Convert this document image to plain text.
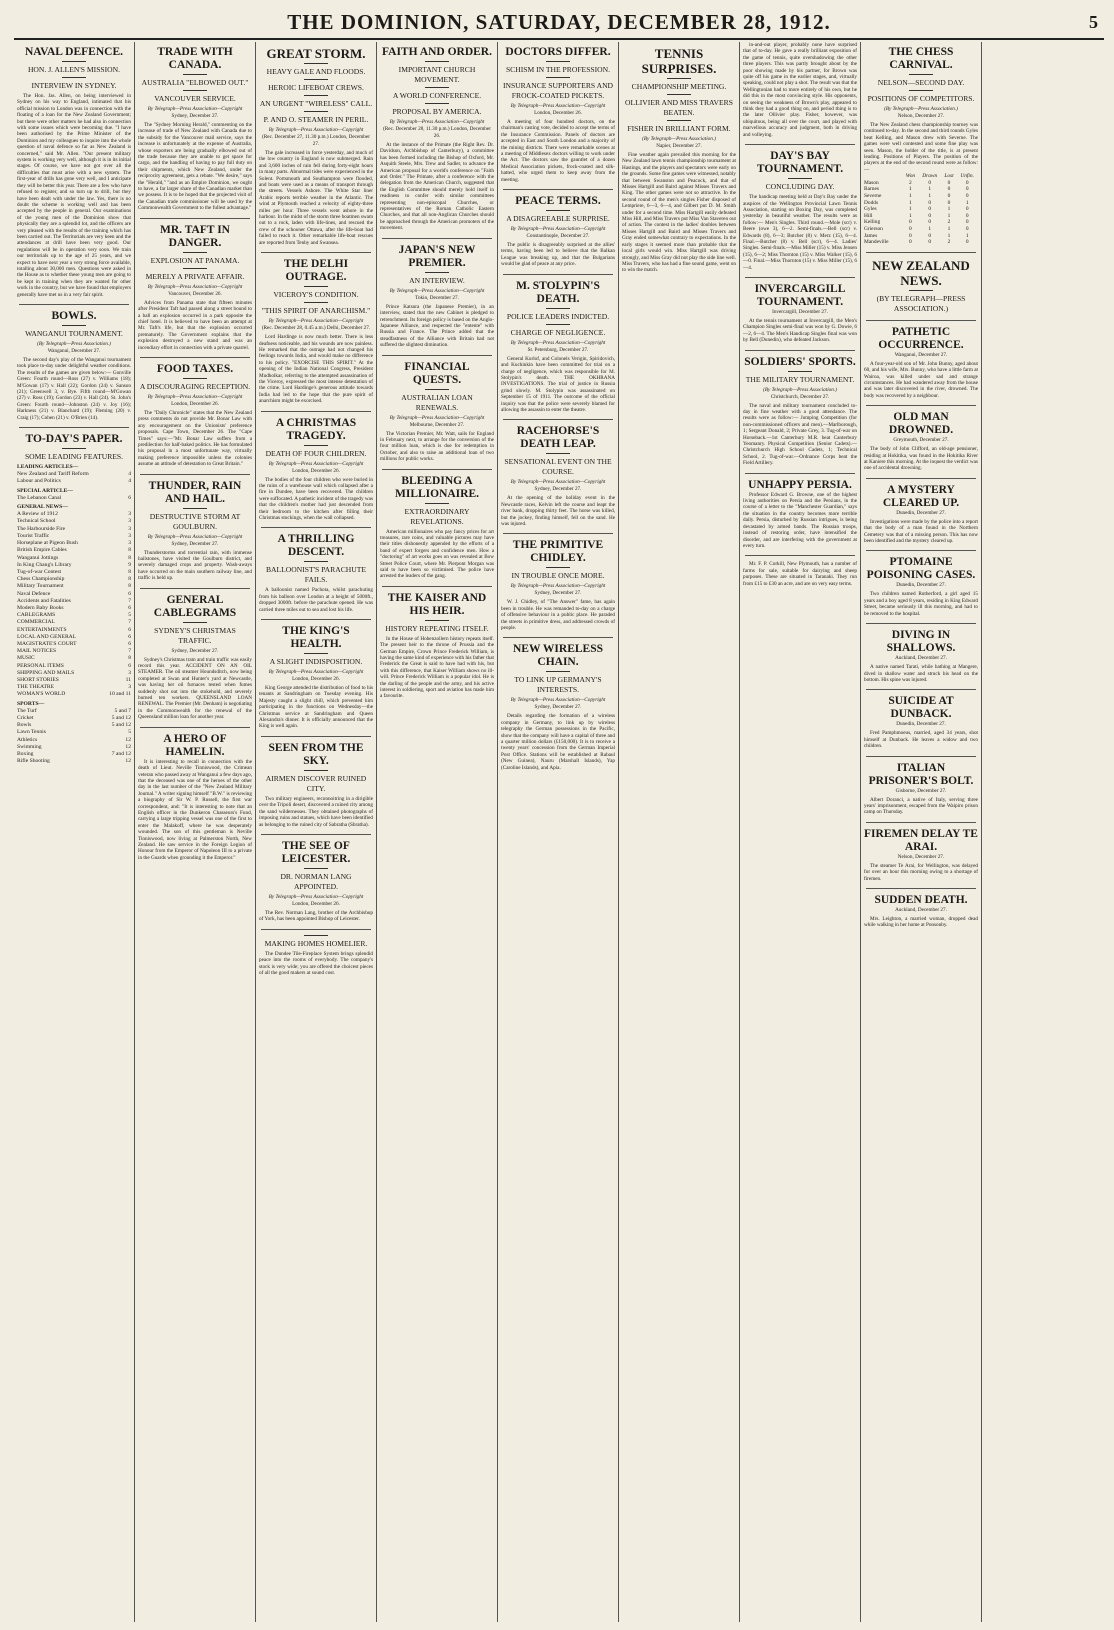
THE DOMINION, SATURDAY, DECEMBER 28, 1912.	5
NAVAL DEFENCE.
HON. J. ALLEN'S MISSION.
INTERVIEW IN SYDNEY.
The Hon. Jas. Allen, on being interviewed in Sydney on his way to England, intimated that his official mission to London was in connection with the floating of a loan for the New Zealand Government; but there were other matters he had also in connection with some issues which were becoming due. "I have been authorised by the Prime Minister of the Dominion and my colleagues to inquire into the whole question of naval defence so far as New Zealand is concerned," said Mr. Allen. "Our present military system is working very well, although it is in its initial stages. Of course, we have not got over all the difficulties that must arise with a new system. The first-year of drills has gone very well, and I anticipate they will be better this year. There are a few who have refused to register, and so turn up to drill, but they have been dealt with under the law. Yes, there is no doubt the scheme is working well and has been accepted by the people in general. Our examinations of the young men of the Dominion show that physically they are a splendid lot, and the officers are very pleased with the results of the training which has been carried out. The Territorials are very keen and the attendances at drill have been very good. Our regulations will be in operation very soon. We train our territorials up to the age of 25 years, and we expect to have next year a very strong force available, totalling about 30,000 men. Questions were asked in the House as to whether these young men are going to be kept in training when they are wanted for other work in the country, but we have found that employers generally have met us in a very fair spirit.
BOWLS.
WANGANUI TOURNAMENT.
(By Telegraph—Press Association.)
Wanganui, December 27.
The second day's play of the Wanganui tournament took place to-day under delightful weather conditions. The results of the games are given below:— Gonville Green: Fourth round—Ross (27) v. Williams (18); M'Gowan (17) v. Hall (22); Gordon (24) v. Sanson (21); Greenwell 3, v. Bye. Fifth round—M'Gowan (27) v. Ross (19); Gordon (23) v. Hall (24). St. John's Green: Fourth round—Johnston (24) v. Joy (16); Harkness (21) v. Blanchard (19); Fleming (20) v. Craig (17); Cohen (21) v. O'Brien (14).
TO-DAY'S PAPER.
SOME LEADING FEATURES.
LEADING ARTICLES—
New Zealand and Tariff Reform	4
Labour and Politics	4
SPECIAL ARTICLE—
The Lebanon Canal	6
GENERAL NEWS—
A Review of 1912	3
Technical School	3
The Harbourside Fire	3
Tourist Traffic	3
Horseplane at Pigeon Bush	3
British Empire Cables	8
Wanganui Jottings	8
In King Chang's Library	9
Tug-of-war Contest	8
Chess Championship	8
Military Tournament	8
Naval Defence	6
Accidents and Fatalities	7
Modern Baby Books	6
CABLEGRAMS	5
COMMERCIAL	7
ENTERTAINMENTS	6
LOCAL AND GENERAL	6
MAGISTRATE'S COURT	6
MAIL NOTICES	7
MUSIC	8
PERSONAL ITEMS	6
SHIPPING AND MAILS	3
SHORT STORIES	11
THE THEATRE	3
WOMAN'S WORLD	10 and 11
SPORTS—
The Turf	5 and 7
Cricket	5 and 12
Bowls	5 and 12
Lawn Tennis	5
Athletics	12
Swimming	12
Boxing	7 and 12
Rifle Shooting	12
TRADE WITH CANADA.
AUSTRALIA "ELBOWED OUT."
VANCOUVER SERVICE.
By Telegraph—Press Association—Copyright
Sydney, December 27.
The "Sydney Morning Herald," commenting on the increase of trade of New Zealand with Canada due to the subsidy for the Vancouver mail service, says the increase is unfortunately at the expense of Australia, whose exporters are being gradually elbowed out of the trade because they are unable to get space for cargo, and the handling of having to pay full duty on their shipments, which New Zealand, under the reciprocity agreement, gets a rebate. "We desire," says the "Herald," "and as an Empire Dominion, we ought to have, a far larger share of the Canadian market than we possess. It is to be hoped that the projected visit of the Canadian trade commissioner will be used by the Commonwealth Government to the fullest advantage."
MR. TAFT IN DANGER.
EXPLOSION AT PANAMA.
MERELY A PRIVATE AFFAIR.
By Telegraph—Press Association—Copyright
Vancouver, December 26.
Advices from Panama state that fifteen minutes after President Taft had passed along a street bound to a ball an explosion occurred in a park opposite the chief hotel. It is believed to have been an attempt at Mr. Taft's life, but that the explosion occurred prematurely. The Government explains that the explosion destroyed a new stand and was an incendiary effort in connection with a private quarrel.
FOOD TAXES.
A DISCOURAGING RECEPTION.
By Telegraph—Press Association—Copyright
London, December 26.
The "Daily Chronicle" states that the New Zealand press comments do not provide Mr. Bonar Law with any encouragement on the Unionists' preference proposals. Cape Town, December 26. The "Cape Times" says:—"Mr. Bonar Law suffers from a predilection for half-baked politics. He has formulated his proposal in a most unfortunate way, virtually making preference impossible unless the colonies assume an attitude of detestation to Great Britain."
THUNDER, RAIN AND HAIL.
DESTRUCTIVE STORM AT GOULBURN.
By Telegraph—Press Association—Copyright
Sydney, December 27.
Thunderstorms and torrential rain, with immense hailstones, have visited the Goulburn district, and severely damaged crops and property. Wash-aways have occurred on the main southern railway line, and traffic is held up.
GENERAL CABLEGRAMS
SYDNEY'S CHRISTMAS TRAFFIC.
Sydney, December 27.
Sydney's Christmas tram and train traffic was easily record this year. ACCIDENT ON AN OIL STEAMER. The oil steamer Houndsditch, now being completed at Swan and Hunter's yard at Newcastle, was having her oil furnaces tested when fumes suddenly shot out into the stokehold, and severely burned ten workers. QUEENSLAND LOAN RENEWAL. The Premier (Mr. Denham) is negotiating in the Commonwealth for the renewal of the Queensland million loan for another year.
A HERO OF HAMELIN.
It is interesting to recall in connection with the death of Lieut. Neville Tinniswood, the Crimean veteran who passed away at Wanganui a few days ago, that the deceased was one of the heroes of the other day in the last number of the "New Zealand Military Journal." A writer signing himself "B.W." is reviewing a biography of Sir W. P. Russell, the first war correspondent, and: "It is interesting to note that an English officer in the Dunkeron Chasseurs's Fund, carrying a large tripping vessel was one of the first to enter the Malakoff, where he was desperately wounded. The son of this gentleman is Neville Tinniswood, now living at Palmerston North, New Zealand. He saw service in the Foreign Legion of Honour from the Emperor of Napoleon III to a private in the Guards when grounding it the Emperor."
GREAT STORM.
HEAVY GALE AND FLOODS.
HEROIC LIFEBOAT CREWS.
AN URGENT "WIRELESS" CALL.
P. AND O. STEAMER IN PERIL.
By Telegraph—Press Association—Copyright
(Rec. December 27, 11.30 p.m.) London, December 27.
The gale increased in force yesterday, and much of the low country in England is now submerged. Rain and 3,600 inches of rain fell during forty-eight hours in many parts. Abnormal tides were experienced in the Solent. Portsmouth and Southampton were flooded, and boats were used as a means of transport through the streets. Vessels Ashore. The White Star liner Arabic reports terrible weather in the Atlantic. The wind at Plymouth reached a velocity of eighty-three miles per hour. Three vessels went ashore in the harbour. In the midst of the storm three boatmen swam out to a rock, laden with life-lines, and rescued the crew of the schooner Ottawa, after the life-boat had failed to reach it. Other remarkable life-boat rescues are reported from Tenby and Swansea.
THE DELHI OUTRAGE.
VICEROY'S CONDITION.
"THIS SPIRIT OF ANARCHISM."
By Telegraph—Press Association—Copyright
(Rec. December 28, 0.45 a.m.) Delhi, December 27.
Lord Hardinge is now much better. There is less deafness noticeable, and his wounds are now painless. He remarked that the outrage had not changed his feelings towards India, and would make no difference to his policy. "EXORCISE THIS SPIRIT." At the opening of the Indian National Congress, President Mudholkar, referring to the attempted assassination of the Viceroy, expressed the most intense detestation of the crime. Lord Hardinge's generous attitude towards India had led to the hope that the pure spirit of anarchism might be exorcised.
A CHRISTMAS TRAGEDY.
DEATH OF FOUR CHILDREN.
By Telegraph—Press Association—Copyright
London, December 26.
The bodies of the four children who were buried in the ruins of a warehouse wall which collapsed after a fire in Dundee, have been recovered. The children were suffocated. A pathetic incident of the tragedy was that the children's mother had just descended from their bedroom to the kitchen after filling their Christmas stockings, when the wall collapsed.
A THRILLING DESCENT.
BALLOONIST'S PARACHUTE FAILS.
A balloonist named Pachota, whilst parachuting from his balloon over London at a height of 5000ft., dropped 3000ft. before the parachute opened. He was carried three miles out to sea and lost his life.
THE KING'S HEALTH.
A SLIGHT INDISPOSITION.
By Telegraph—Press Association—Copyright
London, December 26.
King George attended the distribution of food to his tenants at Sandringham on Tuesday evening. His Majesty caught a slight chill, which prevented him participating in the functions on Wednesday—the Christmas service at Sandringham and Queen Alexandra's dinner. It is officially announced that the King is well again.
SEEN FROM THE SKY.
AIRMEN DISCOVER RUINED CITY.
Two military engineers, reconnoitring in a dirigible over the Tripoli desert, discovered a ruined city among the sand wildernesses. They obtained photographs of imposing ruins and statues, which have been identified as belonging to the ruined city of Sabratha (Sbratha).
THE SEE OF LEICESTER.
DR. NORMAN LANG APPOINTED.
By Telegraph—Press Association—Copyright
London, December 26.
The Rev. Norman Lang, brother of the Archbishop of York, has been appointed Bishop of Leicester.
MAKING HOMES HOMELIER.
The Dundee Tile-Fireplace System brings splendid peace into the rooms of everybody. The company's stock is very wide; you are offered the choicest pieces of all the good makers at sound cost.
FAITH AND ORDER.
IMPORTANT CHURCH MOVEMENT.
A WORLD CONFERENCE.
PROPOSAL BY AMERICA.
By Telegraph—Press Association—Copyright
(Rec. December 28, 11.30 p.m.) London, December 26.
At the instance of the Primate (the Right Rev. Dr. Davidson, Archbishop of Canterbury), a committee has been formed including the Bishop of Oxford, Mr. Asquith Steele, Mrs. Trew and Sadler, to advance the American proposal for a world's conference on "Faith and Order." The Primate, after a conference with the delegation from the American Church, suggested that the English Committee should merely hold itself in readiness to confer with similar committees representing non-episcopal Churches, or representatives of the Roman Catholic Eastern Churches, and that all non-Anglican Churches should be approached through the American promoters of the movement.
JAPAN'S NEW PREMIER.
AN INTERVIEW.
By Telegraph—Press Association—Copyright
Tokio, December 27.
Prince Katsura (the Japanese Premier), in an interview, stated that the new Cabinet is pledged to retrenchment. Its foreign policy is based on the Anglo-Japanese Alliance, and respected the "entente" with Russia and France. The Prince added that the steadfastness of the Alliance with Britain had not suffered the slightest diminution.
FINANCIAL QUESTS.
AUSTRALIAN LOAN RENEWALS.
By Telegraph—Press Association—Copyright
Melbourne, December 27.
The Victorian Premier, Mr. Watt, sails for England in February next, to arrange for the conversion of the four million loan, which is due for redemption in October, and also to raise an additional loan of two millions for public works.
BLEEDING A MILLIONAIRE.
EXTRAORDINARY REVELATIONS.
American millionaires who pay fancy prices for art treasures, rare coins, and valuable pictures may have their titles dishonestly appended by the efforts of a band of expert forgers and confidence men. How a "doctoring" of art works goes on was revealed at Bow Street Police Court, where Mr. Pierpont Morgan was said to have been so victimised. The police have arrested the leaders of the gang.
THE KAISER AND HIS HEIR.
HISTORY REPEATING ITSELF.
In the House of Hohenzollern history repeats itself. The present heir to the throne of Prussia and the German Empire, Crown Prince Frederick William, is having the same kind of experience with his father that Frederick the Great is said to have had with his, but with this difference, that Kaiser William shows no ill-will. Prince Frederick William is a popular idol. He is the darling of the people and the army, and his active interest in soldiering, sport and aviation has made him a favourite.
DOCTORS DIFFER.
SCHISM IN THE PROFESSION.
INSURANCE SUPPORTERS AND FROCK-COATED PICKETS.
By Telegraph—Press Association—Copyright
London, December 26.
A meeting of four hundred doctors, on the chairman's casting vote, decided to accept the terms of the Insurance Commission. Panels of doctors are accepted in East and South London and a majority of the mining districts. There were remarkable scenes at a meeting of Middlesex doctors willing to work under the Act. The doctors saw the gauntlet of a dozen Medical Association pickets, frock-coated and silk-hatted, who urged them to keep away from the meeting.
PEACE TERMS.
A DISAGREEABLE SURPRISE.
By Telegraph—Press Association—Copyright
Constantinople, December 27.
The public is disagreeably surprised at the allies' terms, having been led to believe that the Balkan League was breaking up, and that the Bulgarians would be glad of peace at any price.
M. STOLYPIN'S DEATH.
POLICE LEADERS INDICTED.
CHARGE OF NEGLIGENCE.
By Telegraph—Press Association—Copyright
St. Petersburg, December 27.
General Kurlof, and Colonels Verigin, Spiridovich, and Kuchinkin have been committed for trial on a charge of negligence, which was responsible for M. Stolypin's death. THE OKHRANA INVESTIGATIONS. The trial of justice in Russia grind slowly. M. Stolypin was assassinated on September 15 of 1911. The outcome of the official inquiry was that the police were severely blamed for allowing the assassin to enter the theatre.
RACEHORSE'S DEATH LEAP.
SENSATIONAL EVENT ON THE COURSE.
By Telegraph—Press Association—Copyright
Sydney, December 27.
At the opening of the holiday event in the Newcastle races, Kelvin left the course and leapt the river bank, dropping thirty feet. The horse was killed, but the jockey, finding himself, fell on the sand. He was injured.
THE PRIMITIVE CHIDLEY.
IN TROUBLE ONCE MORE.
By Telegraph—Press Association—Copyright
Sydney, December 27.
W. J. Chidley, of "The Answer" fame, has again been in trouble. He was remanded to-day on a charge of offensive behaviour in a public place. He paraded the streets in primitive dress, and addressed crowds of people.
NEW WIRELESS CHAIN.
TO LINK UP GERMANY'S INTERESTS.
By Telegraph—Press Association—Copyright
Sydney, December 27.
Details regarding the formation of a wireless company in Germany, to link up by wireless telegraphy the German possessions in the Pacific, show that the company will have a capital of three and a quarter million dollars (£150,000). It is to receive a twenty years' concession from the German Imperial Post Office. Stations will be established at Rabaul (New Guinea), Nauru (Marshall Islands), Yap (Caroline Islands), and Apia.
TENNIS SURPRISES.
CHAMPIONSHIP MEETING.
OLLIVIER AND MISS TRAVERS BEATEN.
FISHER IN BRILLIANT FORM.
(By Telegraph—Press Association.)
Napier, December 27.
Fine weather again prevailed this morning for the New Zealand lawn tennis championship tournament at Hastings, and the players and spectators were early on the grounds. Some fine games were witnessed, notably that between Swanston and Peacock, and that of Misses Hartgill and Baird against Misses Travers and King. The other games were not so attractive. In the second round of the men's singles Fisher disposed of Lempriere, 6—3, 6—4, and Gilbert put D. M. Smith under for a second time. Miss Hartgill easily defeated Miss Hill, and Miss Travers put Miss Van Staveren out of action. The contest in the ladies' doubles between Misses Hartgill and Baird and Misses Travers and Gray ended somewhat contrary to expectations. In the early stages it seemed more than probable that the local girls would win. Miss Hartgill was driving strongly, and Miss Gray did not play the side line well. Miss Travers, who has had a fine sound game, went on to win the match.
in-and-out player, probably none have surprised that of to-day. He gave a really brilliant exposition of the game of tennis, quite overshadowing the other three players. This was partly brought about by the poor showing made by his partner, for Brown was quite off his game in the earlier stages, and, virtually speaking, could not play a shot. The result was that the Wellingtonian had to more entirely of his own, but he did this in the most convincing style. His opponents, on seeing the weakness of Brown's play, appeared to think they had a good thing on, and period thing is to the later Ollivier play. Fisher, however, was ubiquitous, being all over the court, and played with marvellous accuracy and judgment, both in driving and volleying.
DAY'S BAY TOURNAMENT.
CONCLUDING DAY.
The handicap meeting held at Day's Bay under the auspices of the Wellington Provincial Lawn Tennis Association, starting on Boxing Day, was completed yesterday in beautiful weather. The results were as follow:— Men's Singles. Third round.—Mole (scr) v. Beere (owe 3), 6—2. Semi-finals.—Bell (scr) v. Edwards (8), 6—3; Butcher (8) v. Merz (15), 6—4. Final.—Butcher (8) v. Bell (scr), 6—4. Ladies' Singles. Semi-finals.—Miss Miller (15) v. Miss Jensen (15), 6—2; Miss Thornton (15) v. Miss Walker (15), 6—0. Final.—Miss Thornton (15) v. Miss Miller (15), 6—4.
INVERCARGILL TOURNAMENT.
Invercargill, December 27.
At the tennis tournament at Invercargill, the Men's Champion Singles semi-final was won by G. Dowie, 6—2, 6—4. The Men's Handicap Singles final was won by Bell (Dunedin), who defeated Jackson.
SOLDIERS' SPORTS.
THE MILITARY TOURNAMENT.
(By Telegraph—Press Association.)
Christchurch, December 27.
The naval and military tournament concluded to-day in fine weather with a good attendance. The results were as follow:— Jumping Competition (for non-commissioned officers and men).—Marlborough, 1; Sergeant Donald, 2; Private Grey, 3. Tug-of-war on Horseback.—1st Canterbury M.R. beat Canterbury Yeomanry. Physical Competition (Senior Cadets).—Christchurch High School Cadets, 1; Technical School, 2. Tug-of-war.—Ordnance Corps beat the Field Artillery.
UNHAPPY PERSIA.
Professor Edward G. Browne, one of the highest living authorities on Persia and the Persians, in the course of a letter to the "Manchester Guardian," says the situation in the country becomes more terrible daily. Persia, disturbed by Russian intrigues, is being devastated by armed bands. The Russian troops, instead of restoring order, have intensified the disorder, and are interfering with the government at every turn.
Mr. F. P. Corkill, New Plymouth, has a number of farms for sale, suitable for dairying and sheep purposes. These are situated in Taranaki. They run from £15 to £30 an acre, and are on very easy terms.
THE CHESS CARNIVAL.
NELSON—SECOND DAY.
POSITIONS OF COMPETITORS.
(By Telegraph—Press Association.)
Nelson, December 27.
The New Zealand chess championship tourney was continued to-day. In the second and third rounds Gyles beat Kelling, and Mason drew with Severne. The games were well contested and some fine play was seen. Mason, the holder of the title, is at present leading. Positions of Players. The position of the players at the end of the second round were as follow:—
	Won	Drawn	Lost	Unfin.
Mason	2	0	0	0
Barnes	1	1	0	0
Severne	1	1	0	0
Dodds	1	0	0	1
Gyles	1	0	1	0
Hill	1	0	1	0
Kelling	0	0	2	0
Grierson	0	1	1	0
James	0	0	1	1
Mandeville	0	0	2	0
NEW ZEALAND NEWS.
(BY TELEGRAPH—PRESS ASSOCIATION.)
PATHETIC OCCURRENCE.
Wanganui, December 27.
A four-year-old son of Mr. John Bunny, aged about 60, and his wife, Mrs. Bunny, who have a little farm at Wairoa, was killed under sad and strange circumstances. He had wandered away from the house and was later discovered in the river, drowned. The body was recovered by a neighbour.
OLD MAN DROWNED.
Greymouth, December 27.
The body of John Clifford, an old-age pensioner, residing at Hokitika, was found in the Hokitika River at Kaniere this morning. At the inquest the verdict was one of accidental drowning.
A MYSTERY CLEARED UP.
Dunedin, December 27.
Investigations were made by the police into a report that the body of a man found in the Northern Cemetery was that of a missing person. This has now been identified and the mystery cleared up.
PTOMAINE POISONING CASES.
Dunedin, December 27.
Two children named Rutherford, a girl aged 15 years and a boy aged 8 years, residing in King Edward Street, became seriously ill this morning, and had to be removed to the hospital.
DIVING IN SHALLOWS.
Auckland, December 27.
A native named Tarati, while bathing at Mangere, dived in shallow water and struck his head on the bottom. His spine was injured.
SUICIDE AT DUNBACK.
Dunedin, December 27.
Fred Pamphmoeus, married, aged 34 years, shot himself at Dunback. He leaves a widow and two children.
ITALIAN PRISONER'S BOLT.
Gisborne, December 27.
Albert Doranci, a native of Italy, serving three years' imprisonment, escaped from the Waipiro prison camp on Thursday.
FIREMEN DELAY TE ARAI.
Nelson, December 27.
The steamer Te Arai, for Wellington, was delayed for over an hour this morning owing to a shortage of firemen.
SUDDEN DEATH.
Auckland, December 27.
Mrs. Leighton, a married woman, dropped dead while walking in her home at Ponsonby.
